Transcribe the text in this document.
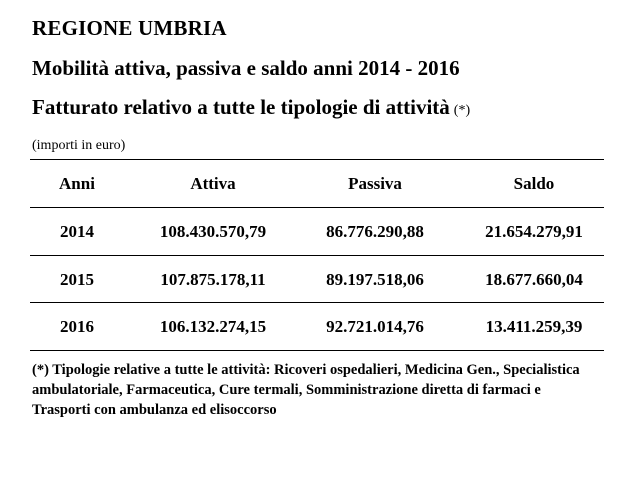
REGIONE UMBRIA
Mobilità attiva, passiva e saldo anni 2014 - 2016
Fatturato relativo a tutte le tipologie di attività (*)
(importi in euro)
Anni	Attiva	Passiva	Saldo
2014	108.430.570,79	86.776.290,88	21.654.279,91
2015	107.875.178,11	89.197.518,06	18.677.660,04
2016	106.132.274,15	92.721.014,76	13.411.259,39
(*) Tipologie relative a tutte le attività: Ricoveri ospedalieri, Medicina Gen., Specialistica ambulatoriale, Farmaceutica, Cure termali, Somministrazione diretta di farmaci e Trasporti con ambulanza ed elisoccorso
